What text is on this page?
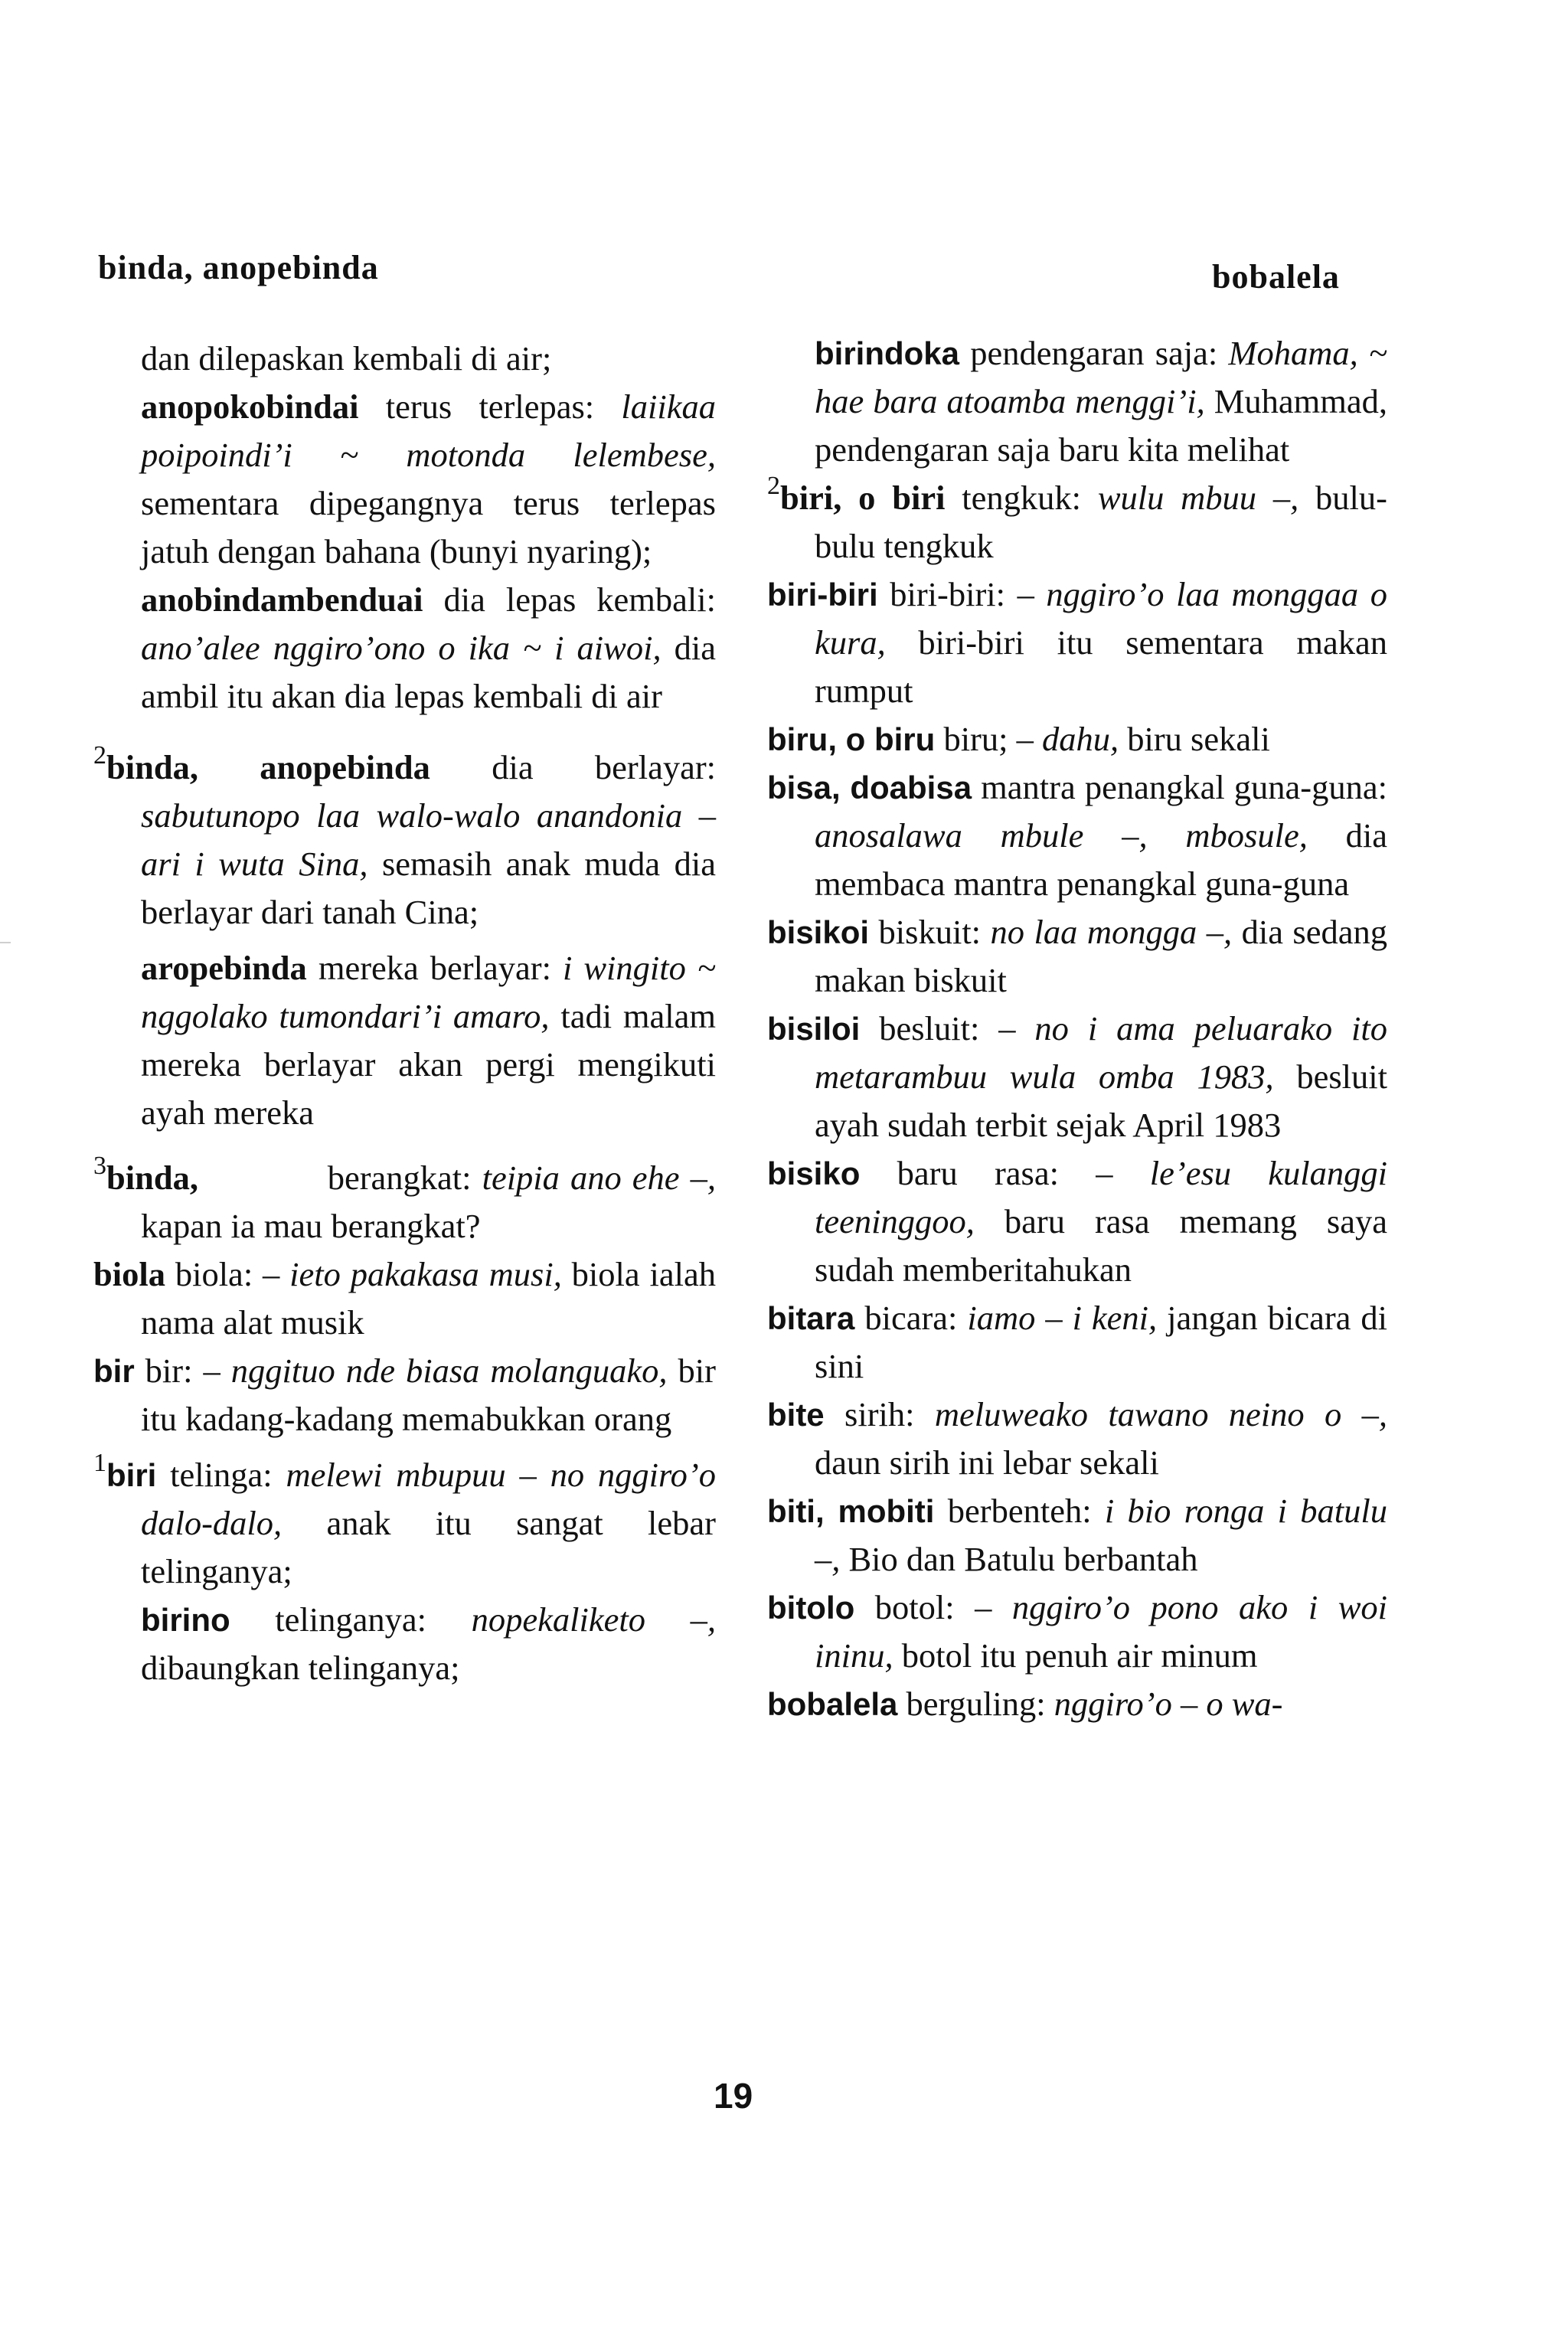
binda, anopebinda	bobalela
dan dilepaskan kembali di air;
anopokobindai terus terlepas: laiikaa poipoindi’i ~ motonda lelembese, sementara dipegangnya terus terlepas jatuh dengan bahana (bunyi nyaring);
anobindambenduai dia lepas kembali: ano’alee nggiro’ono o ika ~ i aiwoi, dia ambil itu akan dia lepas kembali di air
$^2$binda, anopebinda dia berlayar: sabutunopo laa walo-walo anandonia – ari i wuta Sina, semasih anak muda dia berlayar dari tanah Cina;
aropebinda mereka berlayar: i wingito ~ nggolako tumondari’i amaro, tadi malam mereka berlayar akan pergi mengikuti ayah mereka
$^3$binda,            berangkat: teipia ano ehe –, kapan ia mau berangkat?
biola biola: – ieto pakakasa musi, biola ialah nama alat musik
bir bir: – nggituo nde biasa molanguako, bir itu kadang-kadang memabukkan orang
$^1$biri telinga: melewi mbupuu – no nggiro’o dalo-dalo, anak itu sangat lebar telinganya;
birino telinganya: nopekaliketo –, dibaungkan telinganya;
birindoka pendengaran saja: Mohama, ~ hae bara atoamba menggi’i, Muhammad, pendengaran saja baru kita melihat
$^2$biri, o biri tengkuk: wulu mbuu –, bulu-bulu tengkuk
biri-biri biri-biri: – nggiro’o laa monggaa o kura, biri-biri itu sementara makan rumput
biru, o biru biru; – dahu, biru sekali
bisa, doabisa mantra penangkal guna-guna: anosalawa mbule –, mbosule, dia membaca mantra penangkal guna-guna
bisikoi biskuit: no laa mongga –, dia sedang makan biskuit
bisiloi besluit: – no i ama peluarako ito metarambuu wula omba 1983, besluit ayah sudah terbit sejak April 1983
bisiko baru rasa: – le’esu kulanggi teeninggoo, baru rasa memang saya sudah memberitahukan
bitara bicara: iamo – i keni, jangan bicara di sini
bite sirih: meluweako tawano neino o –, daun sirih ini lebar sekali
biti, mobiti berbenteh: i bio ronga i batulu –, Bio dan Batulu berbantah
bitolo botol: – nggiro’o pono ako i woi ininu, botol itu penuh air minum
bobalela berguling: nggiro’o – o wa-
19
